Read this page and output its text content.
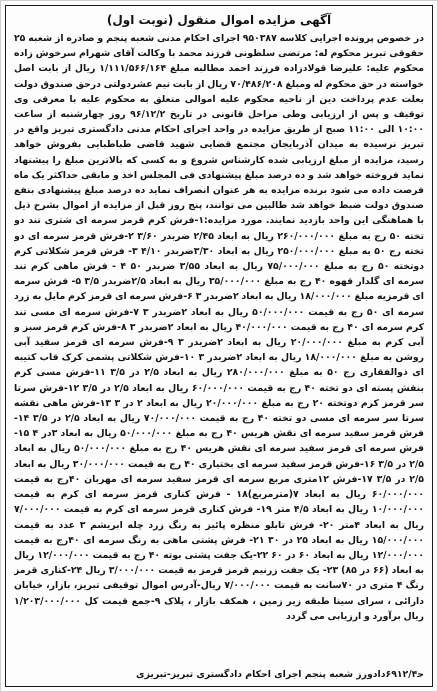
آگهی مزایده اموال منقول (نوبت اول)

در خصوص پرونده اجرایی کلاسه ۹۵۰۳۸۷ اجرای احکام مدنی شعبه پنجم و صادره از شعبه ۲۵ حقوقی تبریز محکوم له: مرتضی سلطونی فرزند محمد با وکالت آقای شهرام سرخوش زاده محکوم علیه: علیرضا قولادزاده فرزند احمد مطالبه مبلغ ۱/۱۱۱/۵۶۶/۱۶۴ ریال از بابت اصل خواسته در حق محکوم له ومبلغ ۷۰/۴۸۶/۲۰۸ ریال از بابت نیم عشردولتی درحق صندوق دولت بعلت عدم پرداخت دین از ناحیه محکوم علیه اموالی متعلق به محکوم علیه با معرفی وی توقیف و پس از ارزیابی وطی مراحل قانونی در تاریخ ۹۶/۱۲/۲ روز چهارشنبه از ساعت ۱۰:۰۰ الی ۱۱:۰۰ صبح از طریق مزایده در واحد اجرای احکام مدنی دادگستری تبریز واقع در تبریز نرسیده به میدان آذربایجان مجتمع قضایی شهید قاضی طباطبایی بفروش خواهد رسید، مزایده از مبلغ ارزیابی شده کارشناس شروع و به کسی که بالاترین مبلغ را پیشنهاد نماید فروخته خواهد شد و ده درصد مبلغ پیشنهادی فی المجلس اخذ و مابقی حداکثر یک ماه فرصت داده می شود برنده مزایده به هر عنوان انصراف نماید ده درصد مبلغ پیشنهادی بنفع صندوق دولت ضبط خواهد شد طالبین می توانند، پنج روز قبل از مزایده از اموال بشرح ذیل با هماهنگی این واحد بازدید نمایند. مورد مزایده:۱-فرش کرم قرمز سرمه ای شتری تند دو تخته ۵۰ رج به مبلغ ۲۶۰/۰۰۰/۰۰۰ ریال به ابعاد ۲/۴۵ ضربدر ۳/۶۰ ۲-فرش قرمز سرمه ای دو تخته رج ۵۰ به مبلغ ۲۵۰/۰۰۰/۰۰۰ ریال به ابعاد ۳/۳۰ضربدر ۴/۱۰ ۳- فرش قرمز شکلاتی کرم دوتخته ۵۰ رج به مبلغ ۷۵/۰۰۰/۰۰۰ ریال به ابعاد ۳/۵۵ ضربدر ۵۰ ۴ - فرش ماهی کرم تند سرمه ای گلدار قهوه ۴۰ رج به مبلغ ۳۵/۰۰۰/۰۰۰ ریال به ابعاد ۲/۵ضربدر ۳/۵ ۵- فرش سرمه ای قرمزیه مبلغ ۱۸/۰۰۰/۰۰۰ ریال به ابعاد ۲ضربدر ۳ ۶-فرش سرمه ای قرمز کرم مایل به زرد سرمه ای ۵۰ رج به قیمت ۵۰/۰۰۰/۰۰۰ ریال به ابعاد ۲ضربدر ۳ ۷-فرش سرمه ای مسی تند کرم سرمه ای ۴۰ رج به قیمت ۴۰/۰۰۰/۰۰۰ ریال به ابعاد ۲ضربدر ۳ ۸-فرش کرم قرمز سبز و آبی کرم به مبلغ ۲۰/۰۰۰/۰۰۰ ریال به ابعاد ۲ضربدر ۳ ۹-فرش سرمه ای قرمز سفید آبی روشن به مبلغ ۱۸/۰۰۰/۰۰۰ ریال به ابعاد ۲ضربدر ۳ ۱۰-فرش شکلاتی پشمی کرک قاب کتیبه ای ذوالفقاری رج ۵۰ به مبلغ ۲۸۰/۰۰۰/۰۰۰ ریال به ابعاد ۲/۵ در ۳/۵ ۱۱-فرش مسی کرم بنفش پسته ای دو تخته ۴۰ رج به قیمت ۶۰/۰۰۰/۰۰۰ ریال به ابعاد ۲/۵ در ۳/۵ ۱۲-فرش سرتا سر قرمز کرم دوتخته ۲۰ رج به مبلغ ۲۰/۰۰۰/۰۰۰ ریال به ابعاد ۲ در ۳ ۱۳-فرش ماهی نقشه سرتا سر سرمه ای مسی دو تخته ۴۰ رج به قیمت ۷۰/۰۰۰/۰۰۰ ریال به ابعاد ۲/۵ در ۳/۵ ۱۴-فرش قرمز سفید سرمه ای نقش هریس ۴۰ رج به مبلغ ۵۰/۰۰۰/۰۰۰ ریال به ابعاد ۳در ۴ ۱۵-فرش سرمه ای قرمز سفید سرمه ای نقش هریس ۴۰ رج به مبلغ ۵۰/۰۰۰/۰۰۰ ریال به ابعاد ۲/۵ در ۳/۵ ۱۶-فرش قرمز سفید سرمه ای بختیاری ۴۰ رج به قیمت ۳۰/۰۰۰/۰۰۰ ریال به ابعاد ۲/۵ در ۳/۵ ۱۷-فرش ۱۲متری مربع سرمه ای قرمز سفید سرمه ای مهربان ۴۰رج به قیمت ۶۰/۰۰۰/۰۰۰ ریال به ابعاد ۷(مترمربع)۱۸ - فرش کناری قرمز سرمه ای کرم به قیمت ۱۰/۰۰۰/۰۰۰ ریال به ابعاد ۴/۵ متر ۱۹- فرش کناری قرمز سرمه ای کرم به قیمت ۷/۰۰۰/۰۰۰ ریال به ابعاد ۴متر ۲۰- فرش تابلو منظره پائیز به رنگ زرد چله ابریشم ۳ عدد به قیمت ۱۵/۰۰۰/۰۰۰ ریال به ابعاد ۲۵ در ۳۰ ۲۱- فرش پشتی ماهی به رنگ سرمه ای ۴۰رج به قیمت ۱۲/۰۰۰/۰۰۰ ریال به ابعاد ۶۰ در ۶۰ ۲۲-یک جفت پشتی بوته ۴۰ رج به قیمت ۱۲/۰۰۰/۰۰۰ ریال به ابعاد (۶۶ در ۸۵) ۲۳- یک جفت زرنیم قرمز قرمز به قیمت ۳/۰۰۰/۰۰۰ ریال ۲۴-کناری قرمز رنگ ۴ متری در ۷۰سانت به قیمت ۷/۰۰۰/۰۰۰ ریال-آدرس اموال توقیفی تبریز، بازار، خیابان دارائی ، سرای سینا طبقه زیر زمین ، همکف بازار ، پلاک ۹-جمع قیمت کل ۱/۲۰۳/۰۰۰/۰۰۰ ریال برآورد و ارزیابی می گردد

ح‍۶۹۱۲/۴دادورز شعبه پنجم اجرای احکام دادگستری تبریز-تبریزی
